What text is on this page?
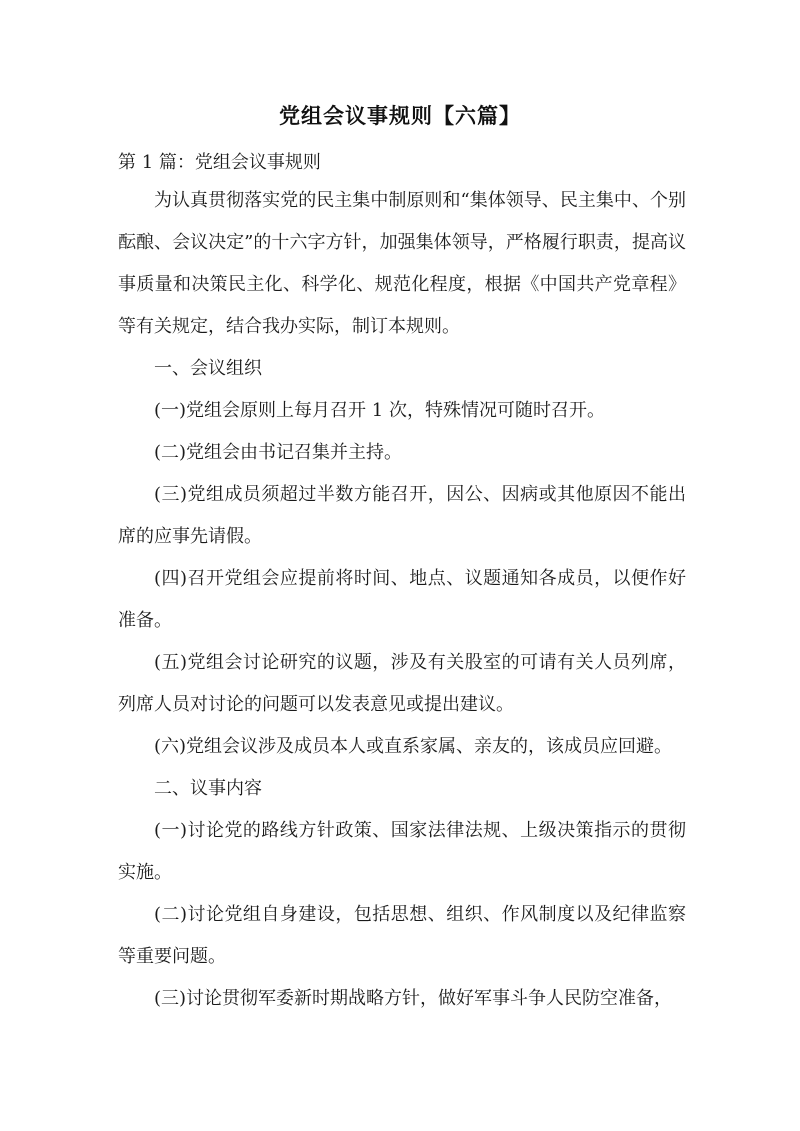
党组会议事规则【六篇】
第 1 篇：党组会议事规则

为认真贯彻落实党的民主集中制原则和“集体领导、民主集中、个别酝酿、会议决定”的十六字方针，加强集体领导，严格履行职责，提高议事质量和决策民主化、科学化、规范化程度，根据《中国共产党章程》等有关规定，结合我办实际，制订本规则。

一、会议组织

(一)党组会原则上每月召开 1 次，特殊情况可随时召开。

(二)党组会由书记召集并主持。

(三)党组成员须超过半数方能召开，因公、因病或其他原因不能出席的应事先请假。

(四)召开党组会应提前将时间、地点、议题通知各成员，以便作好准备。

(五)党组会讨论研究的议题，涉及有关股室的可请有关人员列席，列席人员对讨论的问题可以发表意见或提出建议。

(六)党组会议涉及成员本人或直系家属、亲友的，该成员应回避。

二、议事内容

(一)讨论党的路线方针政策、国家法律法规、上级决策指示的贯彻实施。

(二)讨论党组自身建设，包括思想、组织、作风制度以及纪律监察等重要问题。

(三)讨论贯彻军委新时期战略方针，做好军事斗争人民防空准备，
